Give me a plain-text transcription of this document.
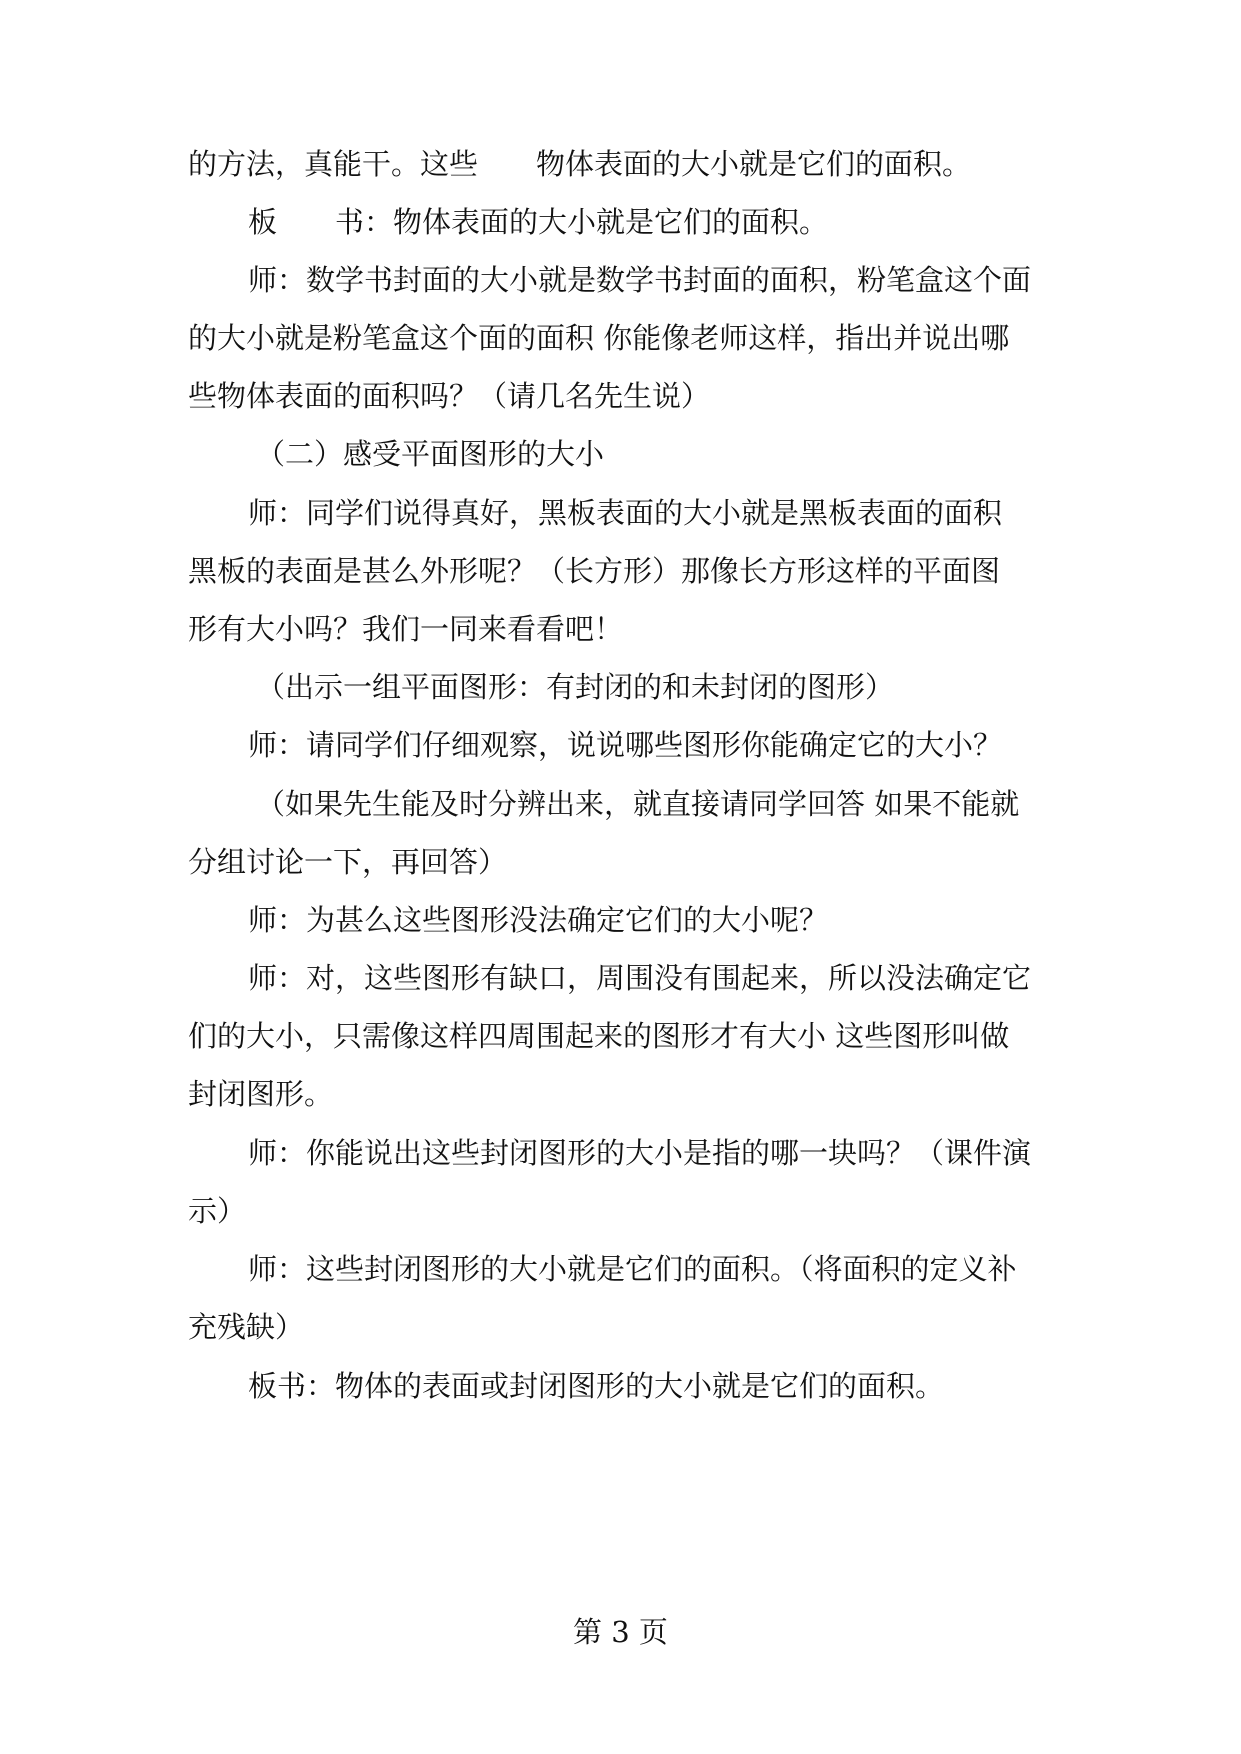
的方法，真能干。这些　　物体表面的大小就是它们的面积。
板　　书：物体表面的大小就是它们的面积。
师：数学书封面的大小就是数学书封面的面积，粉笔盒这个面
的大小就是粉笔盒这个面的面积 你能像老师这样，指出并说出哪
些物体表面的面积吗？（请几名先生说）
（二）感受平面图形的大小
师：同学们说得真好，黑板表面的大小就是黑板表面的面积
黑板的表面是甚么外形呢？（长方形）那像长方形这样的平面图
形有大小吗？我们一同来看看吧！
（出示一组平面图形：有封闭的和未封闭的图形）
师：请同学们仔细观察，说说哪些图形你能确定它的大小？
（如果先生能及时分辨出来，就直接请同学回答 如果不能就
分组讨论一下，再回答）
师：为甚么这些图形没法确定它们的大小呢？
师：对，这些图形有缺口，周围没有围起来，所以没法确定它
们的大小，只需像这样四周围起来的图形才有大小 这些图形叫做
封闭图形。
师：你能说出这些封闭图形的大小是指的哪一块吗？（课件演
示）
师：这些封闭图形的大小就是它们的面积。（将面积的定义补
充残缺）
板书：物体的表面或封闭图形的大小就是它们的面积。
第 3 页
